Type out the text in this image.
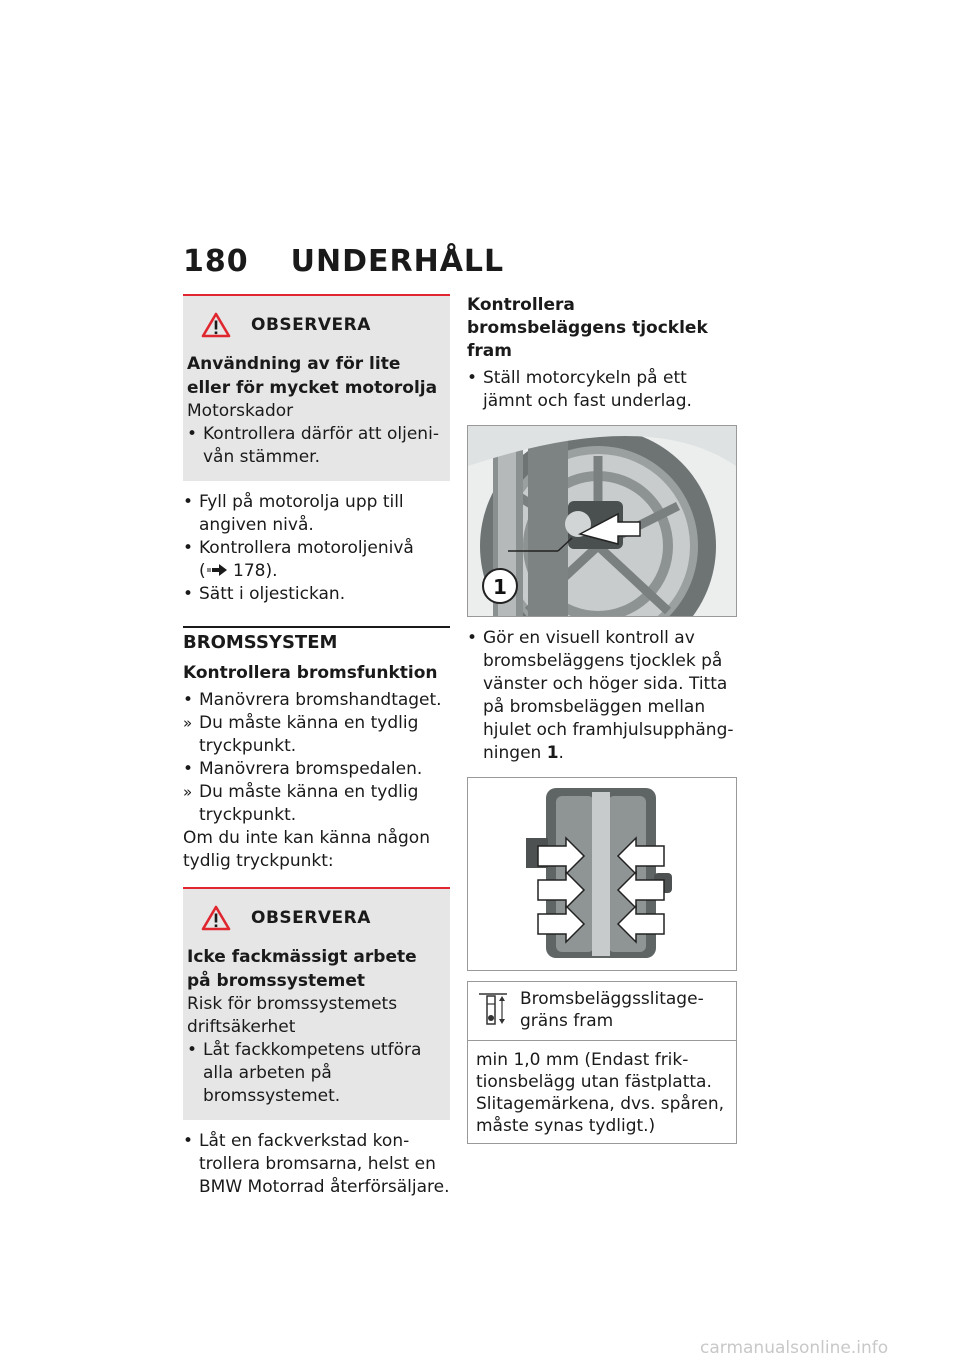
180 UNDERHÅLL
OBSERVERA

Användning av för lite eller för mycket motorolja

Motorskador

• Kontrollera därför att oljenivån stämmer.

• Fyll på motorolja upp till angiven nivå.

• Kontrollera motoroljenivå

( 178).

• Sätt i oljestickan.

BROMSSYSTEM
Kontrollera bromsfunktion

• Manövrera bromshandtaget.

» Du måste känna en tydlig tryckpunkt.

• Manövrera bromspedalen.

» Du måste känna en tydlig tryckpunkt.

Om du inte kan känna någon tydlig tryckpunkt:

OBSERVERA

Icke fackmässigt arbete på bromssystemet

Risk för bromssystemets driftsäkerhet

• Låt fackkompetens utföra alla arbeten på bromssystemet.

• Låt en fackverkstad kontrollera bromsarna, helst en BMW Motorrad återförsäljare.

Kontrollera bromsbeläggens tjocklek fram

• Ställ motorcykeln på ett jämnt och fast underlag.

1

• Gör en visuell kontroll av bromsbeläggens tjocklek på vänster och höger sida. Titta på bromsbeläggen mellan hjulet och framhjulsupphängningen 1.

Bromsbeläggsslitagegräns fram
min 1,0 mm (Endast friktionsbelägg utan fästplatta. Slitagemärkena, dvs. spåren, måste synas tydligt.)
carmanualsonline.info
